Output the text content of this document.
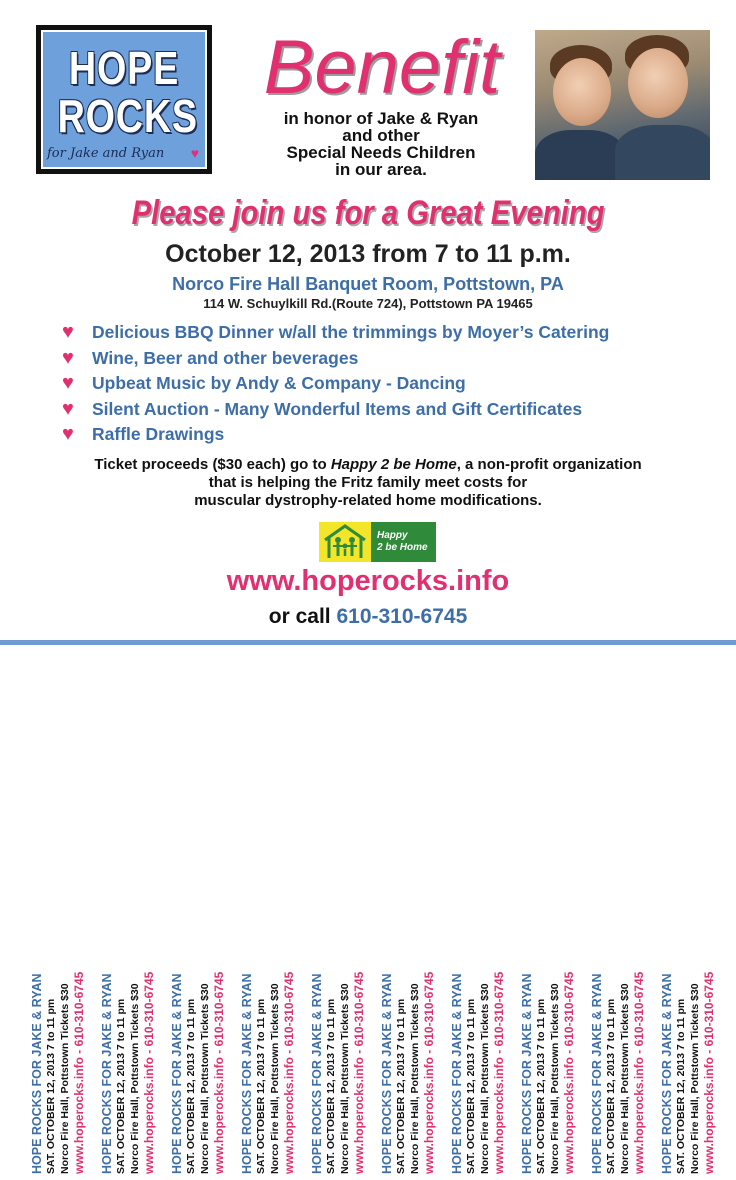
HOPE
ROCKS
for Jake and Ryan ♥
Benefit
in honor of Jake & Ryan
and other
Special Needs Children
in our area.
Please join us for a Great Evening
October 12, 2013 from 7 to 11 p.m.
Norco Fire Hall Banquet Room, Pottstown, PA
114 W. Schuylkill Rd.(Route 724), Pottstown PA 19465
♥	Delicious BBQ Dinner w/all the trimmings by Moyer’s Catering
♥	Wine, Beer and other beverages
♥	Upbeat Music by Andy & Company - Dancing
♥	Silent Auction - Many Wonderful Items and Gift Certificates
♥	Raffle Drawings
Ticket proceeds ($30 each) go to Happy 2 be Home, a non-profit organization
that is helping the Fritz family meet costs for
muscular dystrophy-related home modifications.
Happy
2 be Home
www.hoperocks.info
or call 610-310-6745
HOPE ROCKS FOR JAKE & RYAN SAT. OCTOBER 12, 2013 7 to 11 pm Norco Fire Hall, Pottstown Tickets $30 www.hoperocks.info - 610-310-6745 HOPE ROCKS FOR JAKE & RYAN SAT. OCTOBER 12, 2013 7 to 11 pm Norco Fire Hall, Pottstown Tickets $30 www.hoperocks.info - 610-310-6745 HOPE ROCKS FOR JAKE & RYAN SAT. OCTOBER 12, 2013 7 to 11 pm Norco Fire Hall, Pottstown Tickets $30 www.hoperocks.info - 610-310-6745 HOPE ROCKS FOR JAKE & RYAN SAT. OCTOBER 12, 2013 7 to 11 pm Norco Fire Hall, Pottstown Tickets $30 www.hoperocks.info - 610-310-6745 HOPE ROCKS FOR JAKE & RYAN SAT. OCTOBER 12, 2013 7 to 11 pm Norco Fire Hall, Pottstown Tickets $30 www.hoperocks.info - 610-310-6745 HOPE ROCKS FOR JAKE & RYAN SAT. OCTOBER 12, 2013 7 to 11 pm Norco Fire Hall, Pottstown Tickets $30 www.hoperocks.info - 610-310-6745 HOPE ROCKS FOR JAKE & RYAN SAT. OCTOBER 12, 2013 7 to 11 pm Norco Fire Hall, Pottstown Tickets $30 www.hoperocks.info - 610-310-6745 HOPE ROCKS FOR JAKE & RYAN SAT. OCTOBER 12, 2013 7 to 11 pm Norco Fire Hall, Pottstown Tickets $30 www.hoperocks.info - 610-310-6745 HOPE ROCKS FOR JAKE & RYAN SAT. OCTOBER 12, 2013 7 to 11 pm Norco Fire Hall, Pottstown Tickets $30 www.hoperocks.info - 610-310-6745 HOPE ROCKS FOR JAKE & RYAN SAT. OCTOBER 12, 2013 7 to 11 pm Norco Fire Hall, Pottstown Tickets $30 www.hoperocks.info - 610-310-6745
